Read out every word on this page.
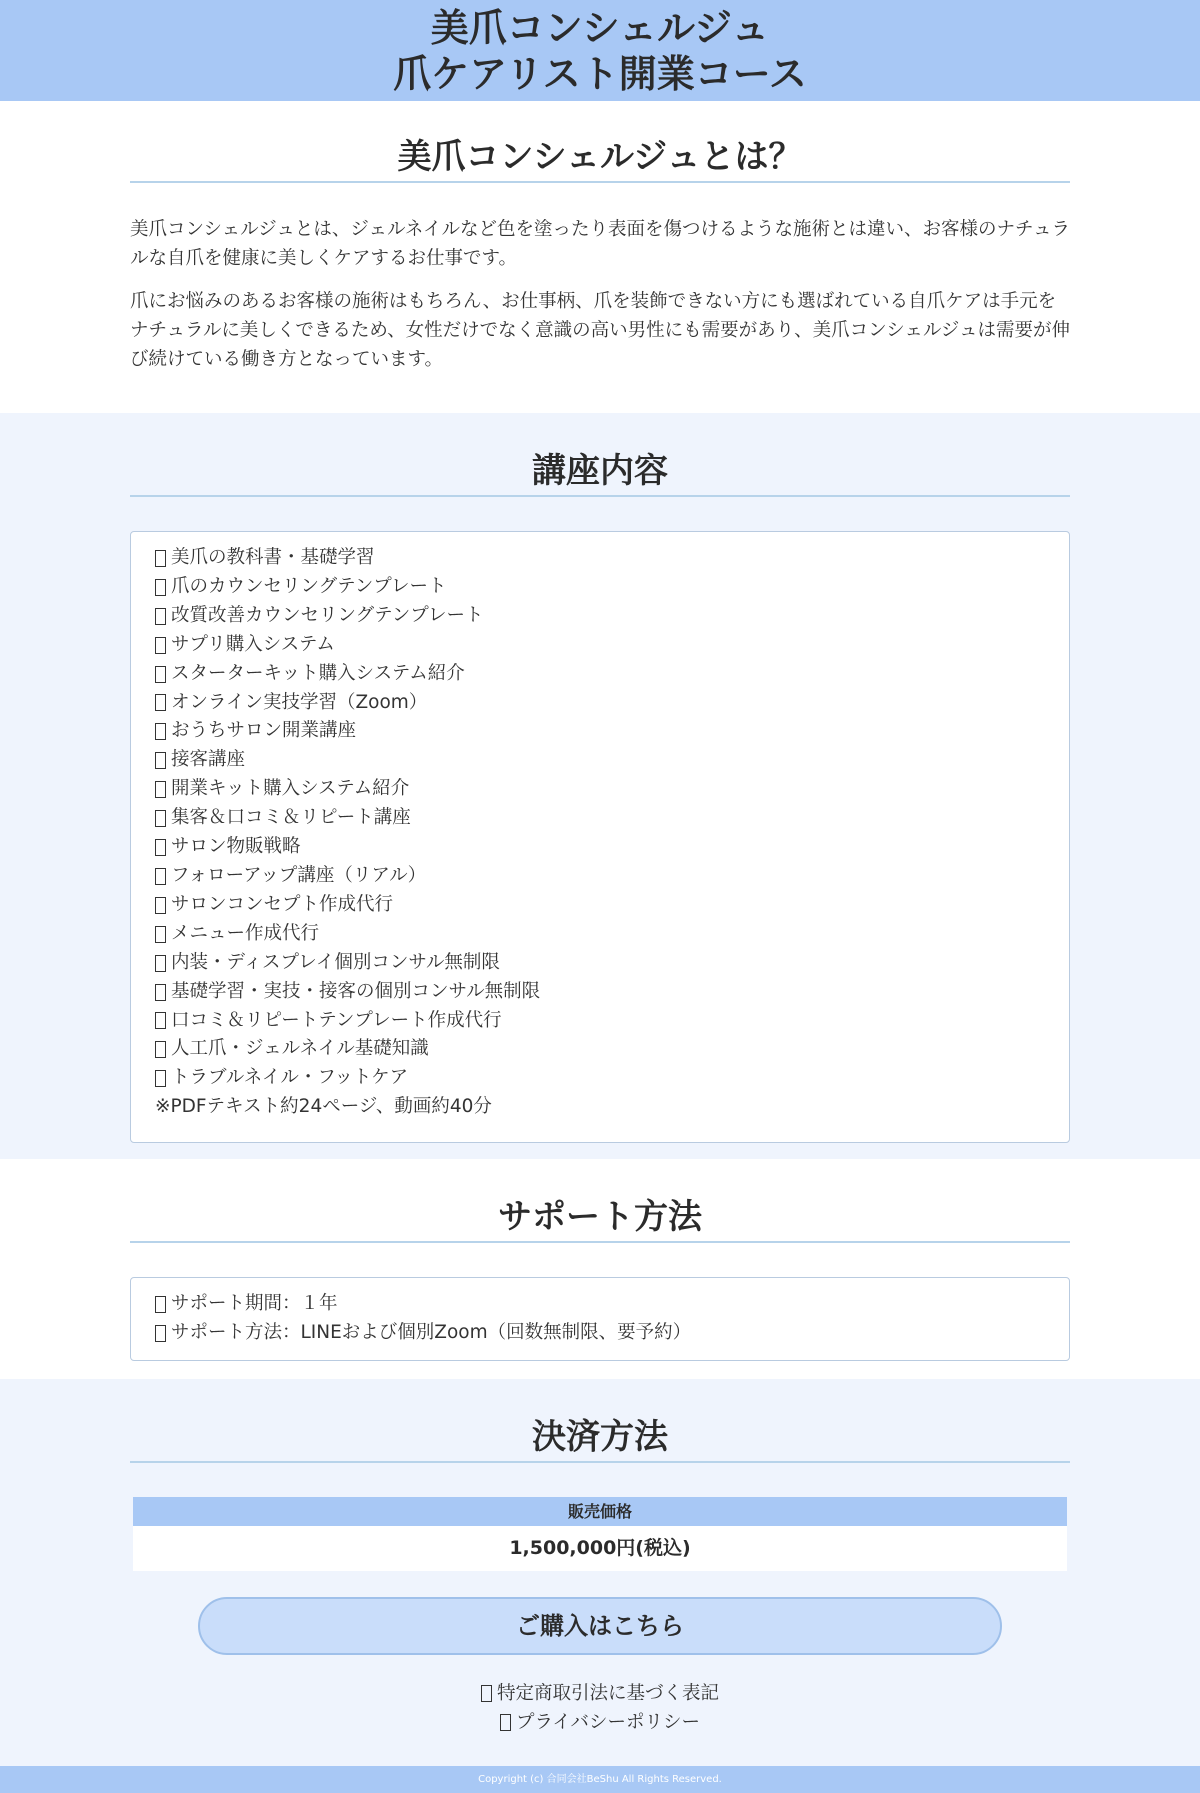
美爪コンシェルジュ
爪ケアリスト開業コース
美爪コンシェルジュとは？

美爪コンシェルジュとは、ジェルネイルなど色を塗ったり表面を傷つけるような施術とは違い、お客様のナチュラルな自爪を健康に美しくケアするお仕事です。

爪にお悩みのあるお客様の施術はもちろん、お仕事柄、爪を装飾できない方にも選ばれている自爪ケアは手元をナチュラルに美しくできるため、女性だけでなく意識の高い男性にも需要があり、美爪コンシェルジュは需要が伸び続けている働き方となっています。

講座内容
美爪の教科書・基礎学習
爪のカウンセリングテンプレート
改質改善カウンセリングテンプレート
サプリ購入システム
スターターキット購入システム紹介
オンライン実技学習（Zoom）
おうちサロン開業講座
接客講座
開業キット購入システム紹介
集客＆口コミ＆リピート講座
サロン物販戦略
フォローアップ講座（リアル）
サロンコンセプト作成代行
メニュー作成代行
内装・ディスプレイ個別コンサル無制限
基礎学習・実技・接客の個別コンサル無制限
口コミ＆リピートテンプレート作成代行
人工爪・ジェルネイル基礎知識
トラブルネイル・フットケア
※PDFテキスト約24ページ、動画約40分
サポート方法
サポート期間：１年
サポート方法：LINEおよび個別Zoom（回数無制限、要予約）
決済方法
販売価格
1,500,000円(税込)
ご購入はこちら
特定商取引法に基づく表記
プライバシーポリシー
Copyright (c) 合同会社BeShu All Rights Reserved.
